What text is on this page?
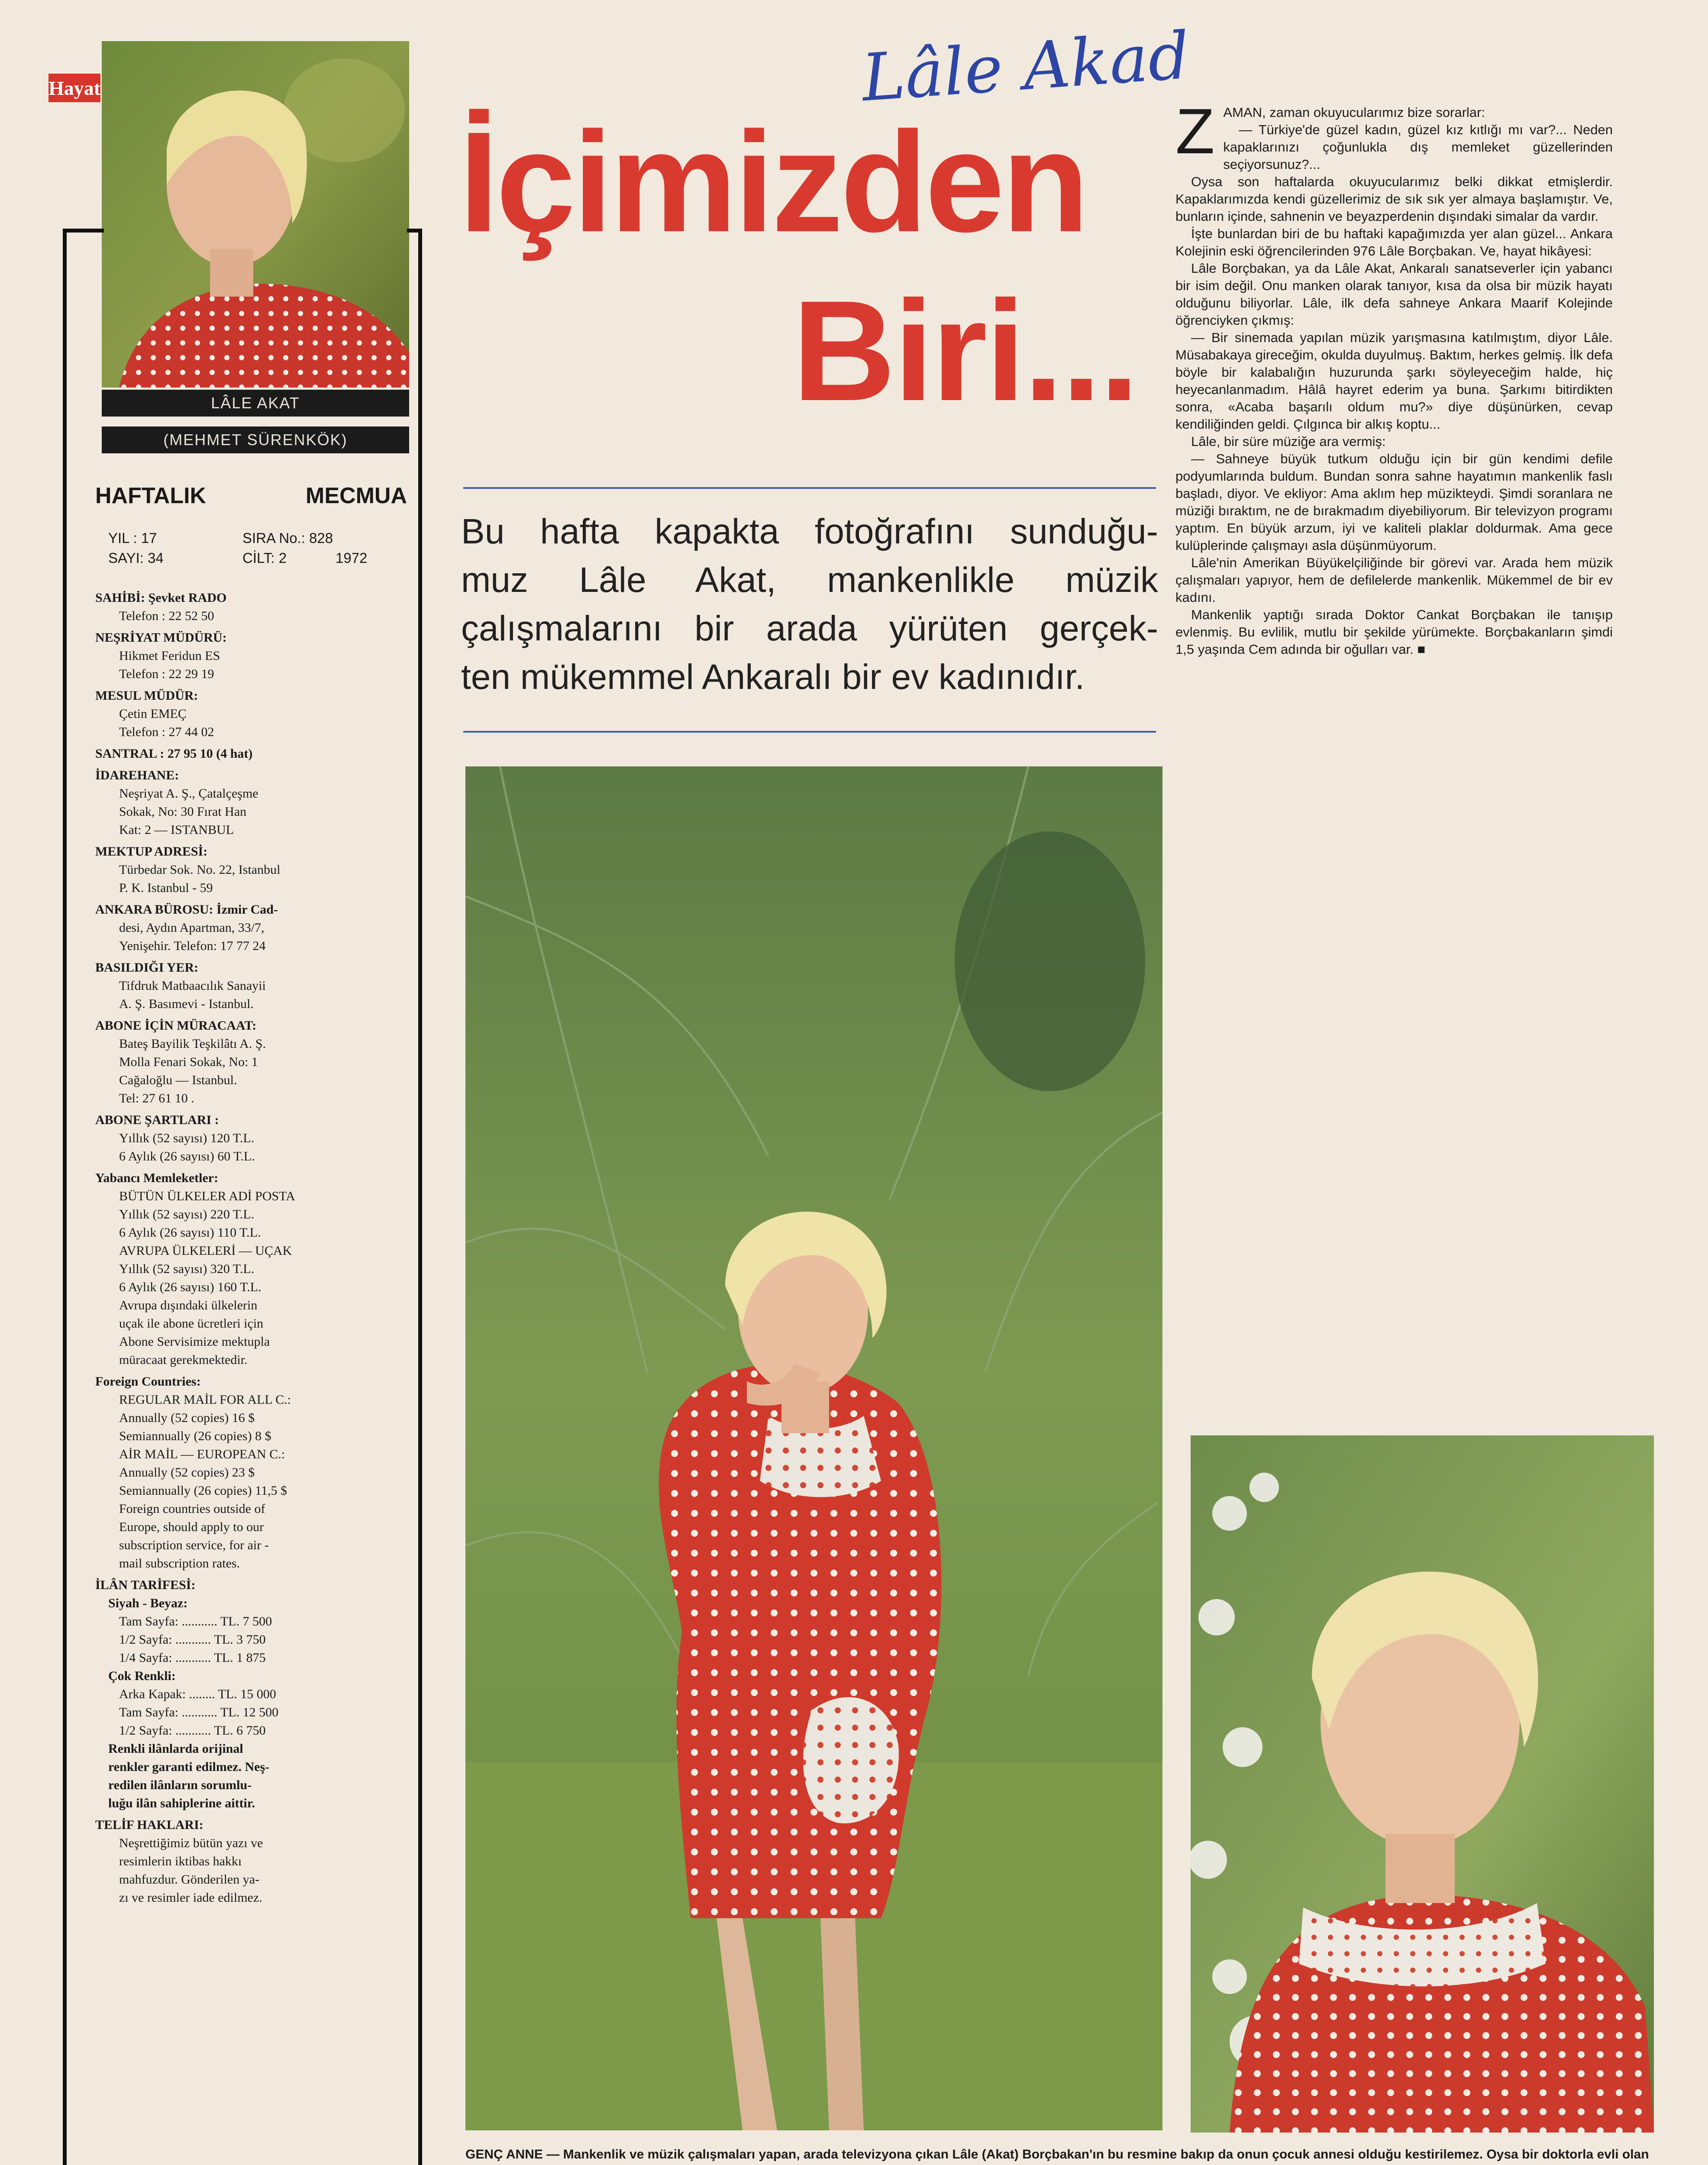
Hayat
LÂLE AKAT
(MEHMET SÜRENKÖK)
HAFTALIK	MECMUA
YIL : 17	SIRA No.: 828
SAYI: 34	CİLT: 2	1972
SAHİBİ: Şevket RADO
Telefon : 22 52 50
NEŞRİYAT MÜDÜRÜ:
Hikmet Feridun ES
Telefon : 22 29 19
MESUL MÜDÜR:
Çetin EMEÇ
Telefon : 27 44 02
SANTRAL : 27 95 10 (4 hat)
İDAREHANE:
Neşriyat A. Ş., Çatalçeşme
Sokak, No: 30 Fırat Han
Kat: 2 — ISTANBUL
MEKTUP ADRESİ:
Türbedar Sok. No. 22, Istanbul
P. K. Istanbul - 59
ANKARA BÜROSU: İzmir Cad-
desi, Aydın Apartman, 33/7,
Yenişehir. Telefon: 17 77 24
BASILDIĞI YER:
Tifdruk Matbaacılık Sanayii
A. Ş. Basımevi - Istanbul.
ABONE İÇİN MÜRACAAT:
Bateş Bayilik Teşkilâtı A. Ş.
Molla Fenari Sokak, No: 1
Cağaloğlu — Istanbul.
Tel: 27 61 10 .
ABONE ŞARTLARI :
Yıllık (52 sayısı) 120 T.L.
6 Aylık (26 sayısı) 60 T.L.
Yabancı Memleketler:
BÜTÜN ÜLKELER ADİ POSTA
Yıllık (52 sayısı) 220 T.L.
6 Aylık (26 sayısı) 110 T.L.
AVRUPA ÜLKELERİ — UÇAK
Yıllık (52 sayısı) 320 T.L.
6 Aylık (26 sayısı) 160 T.L.
Avrupa dışındaki ülkelerin
uçak ile abone ücretleri için
Abone Servisimize mektupla
müracaat gerekmektedir.
Foreign Countries:
REGULAR MAİL FOR ALL C.:
Annually (52 copies) 16 $
Semiannually (26 copies) 8 $
AİR MAİL — EUROPEAN C.:
Annually (52 copies) 23 $
Semiannually (26 copies) 11,5 $
Foreign countries outside of
Europe, should apply to our
subscription service, for air -
mail subscription rates.
İLÂN TARİFESİ:
Siyah - Beyaz:
Tam Sayfa: ........... TL. 7 500
1/2 Sayfa: ........... TL. 3 750
1/4 Sayfa: ........... TL. 1 875
Çok Renkli:
Arka Kapak: ........ TL. 15 000
Tam Sayfa: ........... TL. 12 500
1/2 Sayfa: ........... TL. 6 750
Renkli ilânlarda orijinal
renkler garanti edilmez. Neş-
redilen ilânların sorumlu-
luğu ilân sahiplerine aittir.
TELİF HAKLARI:
Neşrettiğimiz bütün yazı ve
resimlerin iktibas hakkı
mahfuzdur. Gönderilen ya-
zı ve resimler iade edilmez.
Lâle Akad
İçimizden
Biri...
Bu hafta kapakta fotoğrafını sunduğu-
muz Lâle Akat, mankenlikle müzik
çalışmalarını bir arada yürüten gerçek-
ten mükemmel Ankaralı bir ev kadınıdır.
Z AMAN, zaman okuyucularımız bize sorarlar:

— Türkiye'de güzel kadın, güzel kız kıtlığı mı var?... Neden kapaklarınızı çoğunlukla dış memleket güzellerinden seçiyorsunuz?...

Oysa son haftalarda okuyucularımız belki dikkat etmişlerdir. Kapaklarımızda kendi güzellerimiz de sık sık yer almaya başlamıştır. Ve, bunların içinde, sahnenin ve beyazperdenin dışındaki simalar da vardır.

İşte bunlardan biri de bu haftaki kapağımızda yer alan güzel... Ankara Kolejinin eski öğrencilerinden 976 Lâle Borçbakan. Ve, hayat hikâyesi:

Lâle Borçbakan, ya da Lâle Akat, Ankaralı sanatseverler için yabancı bir isim değil. Onu manken olarak tanıyor, kısa da olsa bir müzik hayatı olduğunu biliyorlar. Lâle, ilk defa sahneye Ankara Maarif Kolejinde öğrenciyken çıkmış:

— Bir sinemada yapılan müzik yarışmasına katılmıştım, diyor Lâle. Müsabakaya gireceğim, okulda duyulmuş. Baktım, herkes gelmiş. İlk defa böyle bir kalabalığın huzurunda şarkı söyleyeceğim halde, hiç heyecanlanmadım. Hâlâ hayret ederim ya buna. Şarkımı bitirdikten sonra, «Acaba başarılı oldum mu?» diye düşünürken, cevap kendiliğinden geldi. Çılgınca bir alkış koptu...

Lâle, bir süre müziğe ara vermiş:

— Sahneye büyük tutkum olduğu için bir gün kendimi defile podyumlarında buldum. Bundan sonra sahne hayatımın mankenlik faslı başladı, diyor. Ve ekliyor: Ama aklım hep müzikteydi. Şimdi soranlara ne müziği bıraktım, ne de bırakmadım diyebiliyorum. Bir televizyon programı yaptım. En büyük arzum, iyi ve kaliteli plaklar doldurmak. Ama gece kulüplerinde çalışmayı asla düşünmüyorum.

Lâle'nin Amerikan Büyükelçiliğinde bir görevi var. Arada hem müzik çalışmaları yapıyor, hem de defilelerde mankenlik. Mükemmel de bir ev kadını.

Mankenlik yaptığı sırada Doktor Cankat Borçbakan ile tanışıp evlenmiş. Bu evlilik, mutlu bir şekilde yürümekte. Borçbakanların şimdi 1,5 yaşında Cem adında bir oğulları var. ■

GENÇ ANNE — Mankenlik ve müzik çalışmaları yapan, arada televizyona çıkan Lâle (Akat) Borçbakan'ın bu resmine bakıp da onun çocuk annesi olduğu kestirilemez. Oysa bir doktorla evli olan
